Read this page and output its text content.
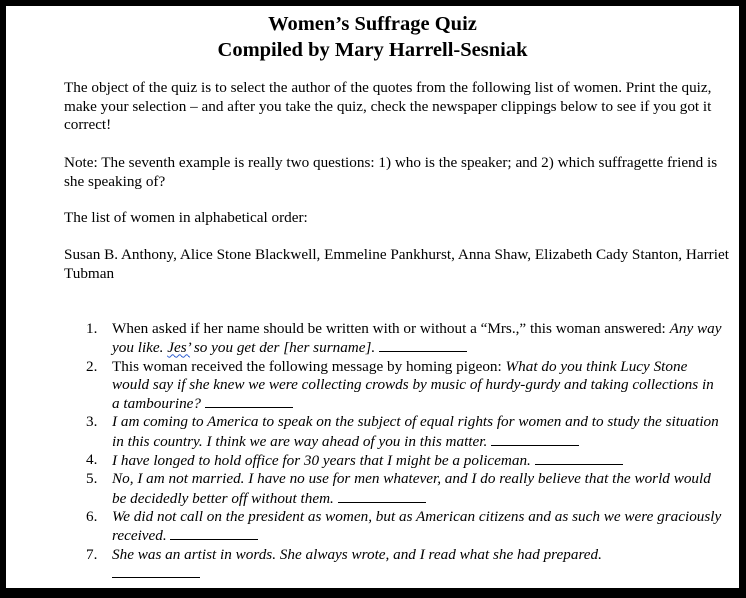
Women’s Suffrage Quiz
Compiled by Mary Harrell-Sesniak

The object of the quiz is to select the author of the quotes from the following list of women. Print the quiz, make your selection – and after you take the quiz, check the newspaper clippings below to see if you got it correct!

Note: The seventh example is really two questions: 1) who is the speaker; and 2) which suffragette friend is she speaking of?

The list of women in alphabetical order:

Susan B. Anthony, Alice Stone Blackwell, Emmeline Pankhurst, Anna Shaw, Elizabeth Cady Stanton, Harriet Tubman

1. When asked if her name should be written with or without a “Mrs.,” this woman answered: Any way you like. Jes’ so you get der [her surname].
2. This woman received the following message by homing pigeon: What do you think Lucy Stone would say if she knew we were collecting crowds by music of hurdy-gurdy and taking collections in a tambourine?
3. I am coming to America to speak on the subject of equal rights for women and to study the situation in this country. I think we are way ahead of you in this matter.
4. I have longed to hold office for 30 years that I might be a policeman.
5. No, I am not married. I have no use for men whatever, and I do really believe that the world would be decidedly better off without them.
6. We did not call on the president as women, but as American citizens and as such we were graciously received.
7. She was an artist in words. She always wrote, and I read what she had prepared.
